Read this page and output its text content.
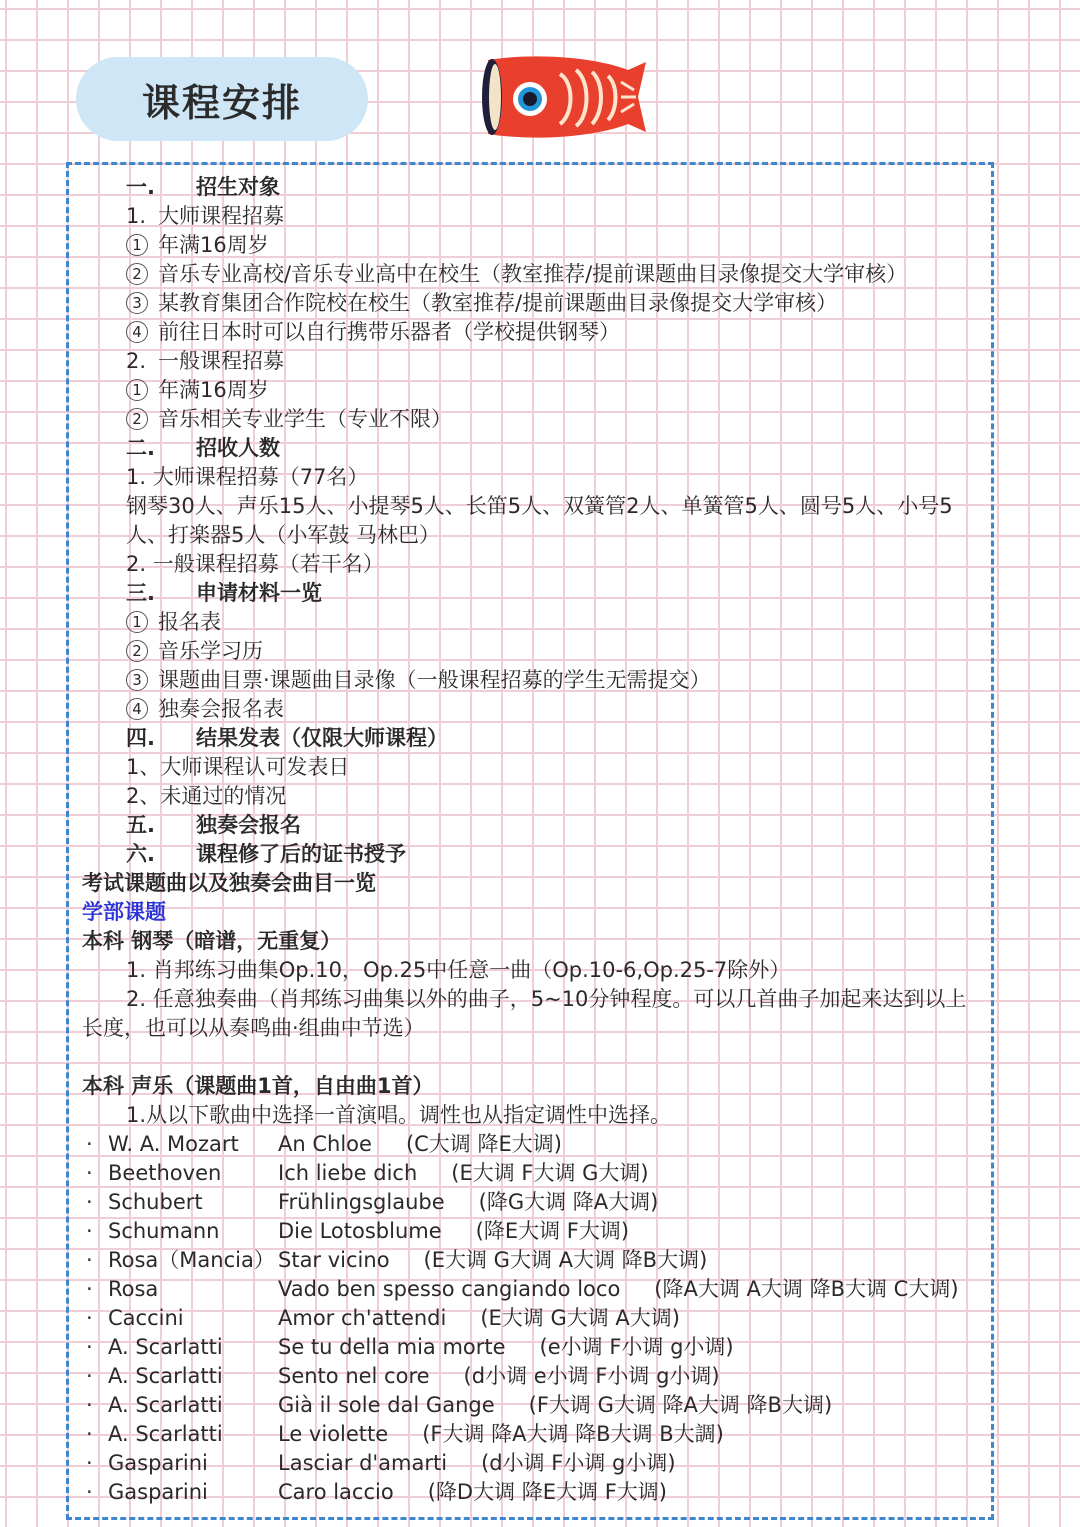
课程安排
一. 招生对象
1. 大师课程招募
1 年满16周岁
2 音乐专业高校/音乐专业高中在校生（教室推荐/提前课题曲目录像提交大学审核）
3 某教育集团合作院校在校生（教室推荐/提前课题曲目录像提交大学审核）
4 前往日本时可以自行携带乐器者（学校提供钢琴）
2. 一般课程招募
1 年满16周岁
2 音乐相关专业学生（专业不限）
二. 招收人数
1. 大师课程招募（77名）
钢琴30人、声乐15人、小提琴5人、长笛5人、双簧管2人、单簧管5人、圆号5人、小号5人、打楽器5人（小军鼓 马林巴）
2. 一般课程招募（若干名）
三. 申请材料一览
1 报名表
2 音乐学习历
3 课题曲目票·课题曲目录像（一般课程招募的学生无需提交）
4 独奏会报名表
四. 结果发表（仅限大师课程）
1、大师课程认可发表日
2、未通过的情况
五. 独奏会报名
六. 课程修了后的证书授予
考试课题曲以及独奏会曲目一览
学部课题
本科 钢琴（暗谱，无重复）
1. 肖邦练习曲集Op.10，Op.25中任意一曲（Op.10-6,Op.25-7除外）
2. 任意独奏曲（肖邦练习曲集以外的曲子，5~10分钟程度。可以几首曲子加起来达到以上长度，也可以从奏鸣曲·组曲中节选）
本科 声乐（课题曲1首，自由曲1首）
1.从以下歌曲中选择一首演唱。调性也从指定调性中选择。
· W. A. Mozart An Chloe (C大调 降E大调)
· Beethoven	Ich liebe dich (E大调 F大调 G大调)
· Schubert	Frühlingsglaube (降G大调 降A大调)
· Schumann	Die Lotosblume (降E大调 F大调)
· Rosa（Mancia） Star vicino (E大调 G大调 A大调 降B大调)
· Rosa	Vado ben spesso cangiando loco (降A大调 A大调 降B大调 C大调)
· Caccini	Amor ch'attendi (E大调 G大调 A大调)
· A. Scarlatti	Se tu della mia morte (e小调 F小调 g小调)
· A. Scarlatti	Sento nel core (d小调 e小调 F小调 g小调)
· A. Scarlatti	Già il sole dal Gange (F大调 G大调 降A大调 降B大调)
· A. Scarlatti	Le violette (F大调 降A大调 降B大调 B大調)
· Gasparini	Lasciar d'amarti (d小调 F小调 g小调)
· Gasparini	Caro laccio (降D大调 降E大调 F大调)
